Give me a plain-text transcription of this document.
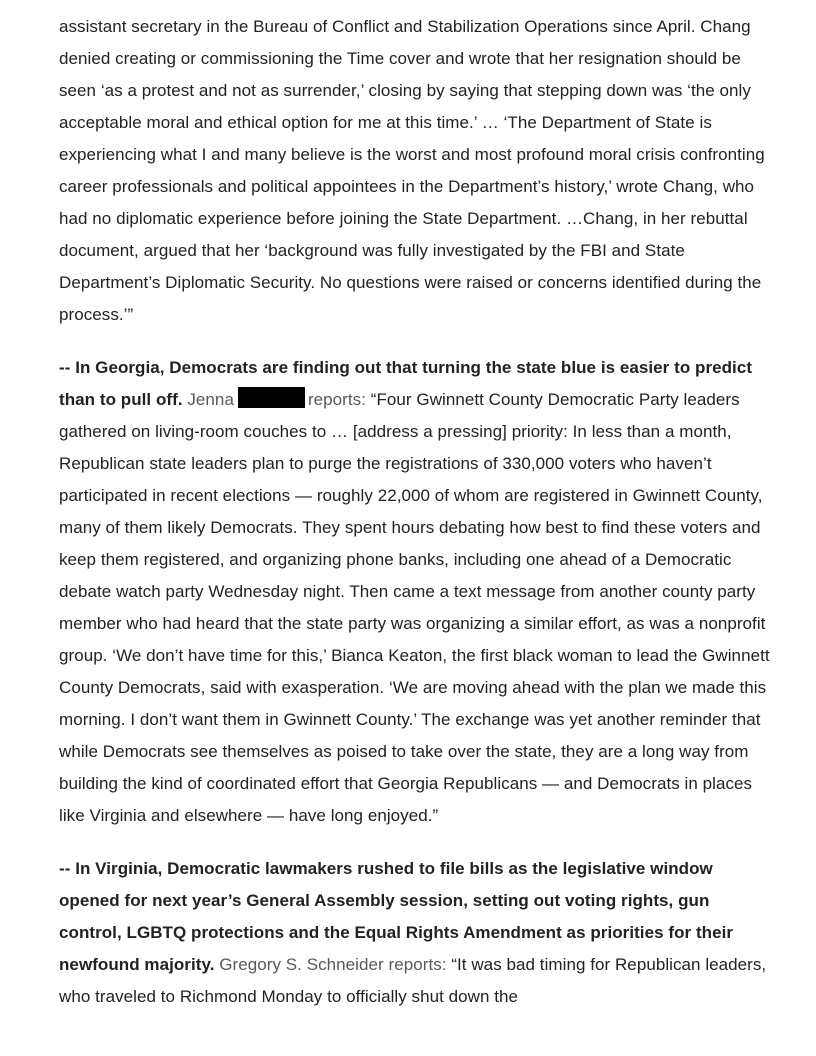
assistant secretary in the Bureau of Conflict and Stabilization Operations since April. Chang denied creating or commissioning the Time cover and wrote that her resignation should be seen ‘as a protest and not as surrender,’ closing by saying that stepping down was ‘the only acceptable moral and ethical option for me at this time.’ … ‘The Department of State is experiencing what I and many believe is the worst and most profound moral crisis confronting career professionals and political appointees in the Department’s history,’ wrote Chang, who had no diplomatic experience before joining the State Department. …Chang, in her rebuttal document, argued that her ‘background was fully investigated by the FBI and State Department’s Diplomatic Security. No questions were raised or concerns identified during the process.’”

-- In Georgia, Democrats are finding out that turning the state blue is easier to predict than to pull off. Jenna	reports: “Four Gwinnett County Democratic Party leaders gathered on living-room couches to … [address a pressing] priority: In less than a month, Republican state leaders plan to purge the registrations of 330,000 voters who haven’t participated in recent elections — roughly 22,000 of whom are registered in Gwinnett County, many of them likely Democrats. They spent hours debating how best to find these voters and keep them registered, and organizing phone banks, including one ahead of a Democratic debate watch party Wednesday night. Then came a text message from another county party member who had heard that the state party was organizing a similar effort, as was a nonprofit group. ‘We don’t have time for this,’ Bianca Keaton, the first black woman to lead the Gwinnett County Democrats, said with exasperation. ‘We are moving ahead with the plan we made this morning. I don’t want them in Gwinnett County.’ The exchange was yet another reminder that while Democrats see themselves as poised to take over the state, they are a long way from building the kind of coordinated effort that Georgia Republicans — and Democrats in places like Virginia and elsewhere — have long enjoyed.”

-- In Virginia, Democratic lawmakers rushed to file bills as the legislative window opened for next year’s General Assembly session, setting out voting rights, gun control, LGBTQ protections and the Equal Rights Amendment as priorities for their newfound majority. Gregory S. Schneider reports: “It was bad timing for Republican leaders, who traveled to Richmond Monday to officially shut down the
